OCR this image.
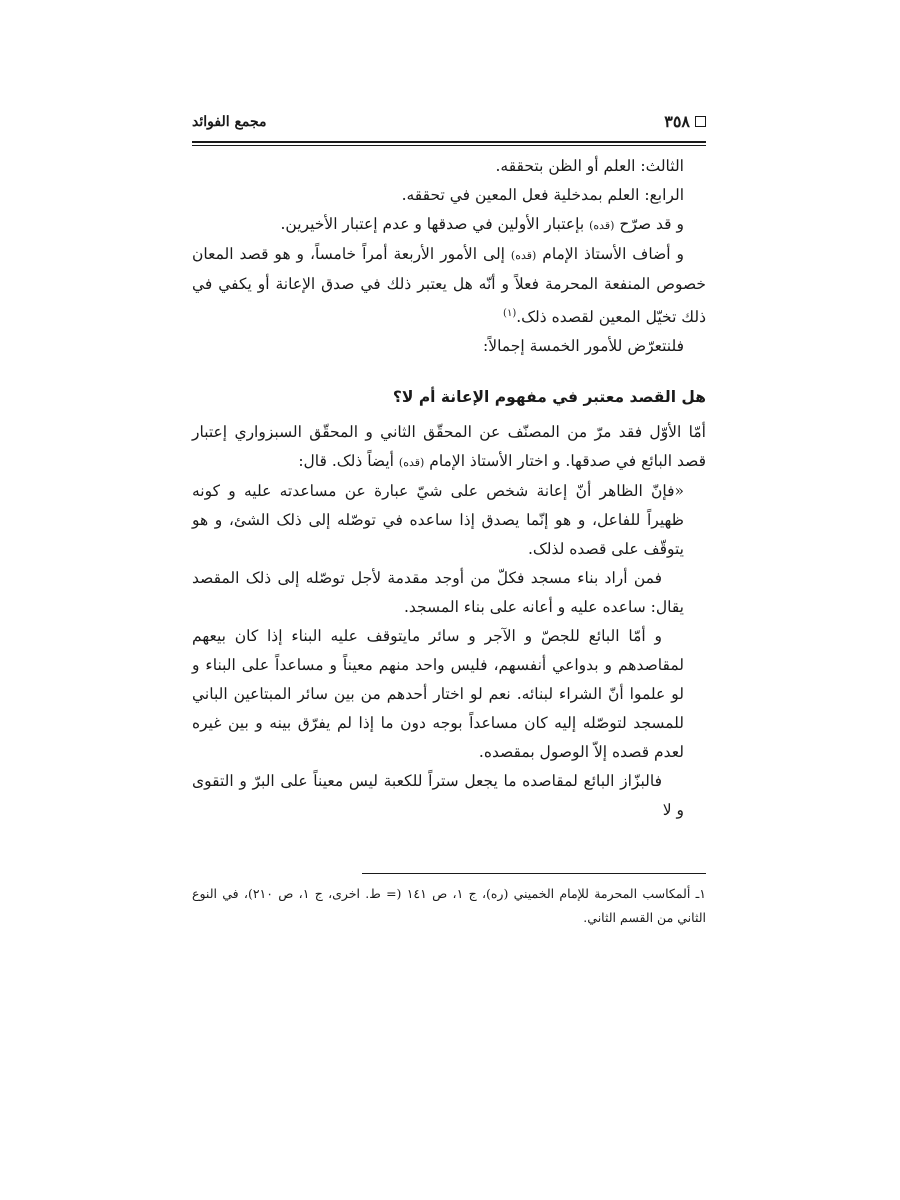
٣٥٨
مجمع الفوائد

الثالث: العلم أو الظن بتحققه.

الرابع: العلم بمدخلية فعل المعين في تحققه.

و قد صرّح (قده) بإعتبار الأولين في صدقها و عدم إعتبار الأخيرين.

و أضاف الأستاذ الإمام (قده) إلى الأمور الأربعة أمراً خامساً، و هو قصد المعان خصوص المنفعة المحرمة فعلاً و أنّه هل يعتبر ذلك في صدق الإعانة أو يكفي في ذلك تخيّل المعين لقصده ذلک.$^{(١)}$

فلنتعرّض للأمور الخمسة إجمالاً:

هل القصد معتبر في مفهوم الإعانة أم لا؟

أمّا الأوّل فقد مرّ من المصنّف عن المحقّق الثاني و المحقّق السبزواري إعتبار قصد البائع في صدقها. و اختار الأستاذ الإمام (قده) أيضاً ذلک. قال:

«فإنّ الظاهر أنّ إعانة شخص على شيّ عبارة عن مساعدته عليه و كونه ظهيراً للفاعل، و هو إنّما يصدق إذا ساعده في توصّله إلى ذلک الشئ، و هو يتوقّف على قصده لذلک.

فمن أراد بناء مسجد فكلّ من أوجد مقدمة لأجل توصّله إلى ذلک المقصد يقال: ساعده عليه و أعانه على بناء المسجد.

و أمّا البائع للجصّ و الآجر و سائر مايتوقف عليه البناء إذا كان بيعهم لمقاصدهم و بدواعي أنفسهم، فليس واحد منهم معيناً و مساعداً على البناء و لو علموا أنّ الشراء لبنائه. نعم لو اختار أحدهم من بين سائر المبتاعين الباني للمسجد لتوصّله إليه كان مساعداً بوجه دون ما إذا لم يفرّق بينه و بين غيره لعدم قصده إلاّ الوصول بمقصده.

فالبزّاز البائع لمقاصده ما يجعل ستراً للكعبة ليس معيناً على البرّ و التقوى و لا

١ـ ألمكاسب المحرمة للإمام الخميني (ره)، ج ١، ص ١٤١ (= ط. اخرى، ج ١، ص ٢١٠)، في النوع الثاني من القسم الثاني.
